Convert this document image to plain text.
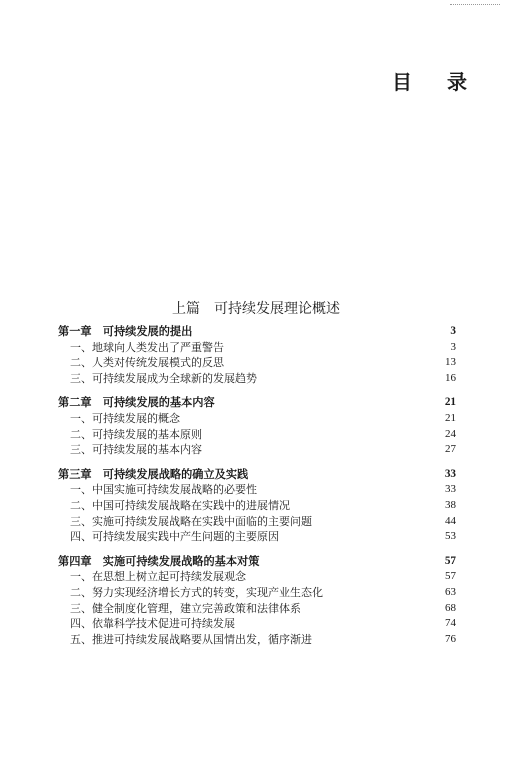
目 录
上篇　可持续发展理论概述
第一章　可持续发展的提出	3
一、地球向人类发出了严重警告	3
二、人类对传统发展模式的反思	13
三、可持续发展成为全球新的发展趋势	16
第二章　可持续发展的基本内容	21
一、可持续发展的概念	21
二、可持续发展的基本原则	24
三、可持续发展的基本内容	27
第三章　可持续发展战略的确立及实践	33
一、中国实施可持续发展战略的必要性	33
二、中国可持续发展战略在实践中的进展情况	38
三、实施可持续发展战略在实践中面临的主要问题	44
四、可持续发展实践中产生问题的主要原因	53
第四章　实施可持续发展战略的基本对策	57
一、在思想上树立起可持续发展观念	57
二、努力实现经济增长方式的转变，实现产业生态化	63
三、健全制度化管理，建立完善政策和法律体系	68
四、依靠科学技术促进可持续发展	74
五、推进可持续发展战略要从国情出发，循序渐进	76
